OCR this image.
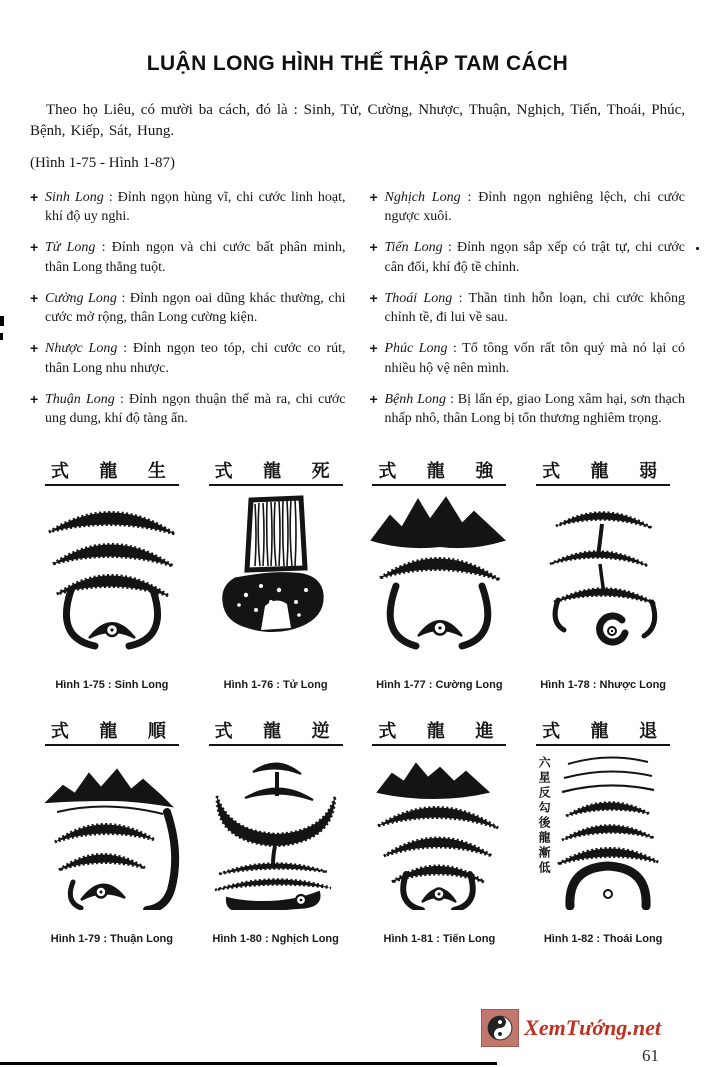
LUẬN LONG HÌNH THẾ THẬP TAM CÁCH

Theo họ Liêu, có mười ba cách, đó là : Sinh, Tử, Cường, Nhược, Thuận, Nghịch, Tiến, Thoái, Phúc, Bệnh, Kiếp, Sát, Hung.

(Hình 1-75 - Hình 1-87)

+ Sinh Long : Đỉnh ngọn hùng vĩ, chi cước linh hoạt, khí độ uy nghi.
+ Tử Long : Đỉnh ngọn và chi cước bất phân minh, thân Long thẳng tuột.
+ Cường Long : Đỉnh ngọn oai dũng khác thường, chi cước mở rộng, thân Long cường kiện.
+ Nhược Long : Đỉnh ngọn teo tóp, chi cước co rút, thân Long nhu nhược.
+ Thuận Long : Đỉnh ngọn thuận thế mà ra, chi cước ung dung, khí độ tàng ẩn.
+ Nghịch Long : Đỉnh ngọn nghiêng lệch, chi cước ngược xuôi.
+ Tiến Long : Đỉnh ngọn sắp xếp có trật tự, chi cước cân đối, khí độ tề chỉnh.
+ Thoái Long : Thần tinh hỗn loạn, chi cước không chỉnh tề, đi lui về sau.
+ Phúc Long : Tổ tông vốn rất tôn quý mà nó lại có nhiều hộ vệ nên mình.
+ Bệnh Long : Bị lấn ép, giao Long xâm hại, sơn thạch nhấp nhô, thân Long bị tổn thương nghiêm trọng.
式 龍 生
Hình 1-75 : Sinh Long
式 龍 死
Hình 1-76 : Tử Long
式 龍 強
Hình 1-77 : Cường Long
式 龍 弱
Hình 1-78 : Nhược Long
式 龍 順
Hình 1-79 : Thuận Long
式 龍 逆
Hình 1-80 : Nghịch Long
式 龍 進
Hình 1-81 : Tiến Long
式 龍 退
六星反勾後龍漸低
Hình 1-82 : Thoái Long
XemTướng.net
61
